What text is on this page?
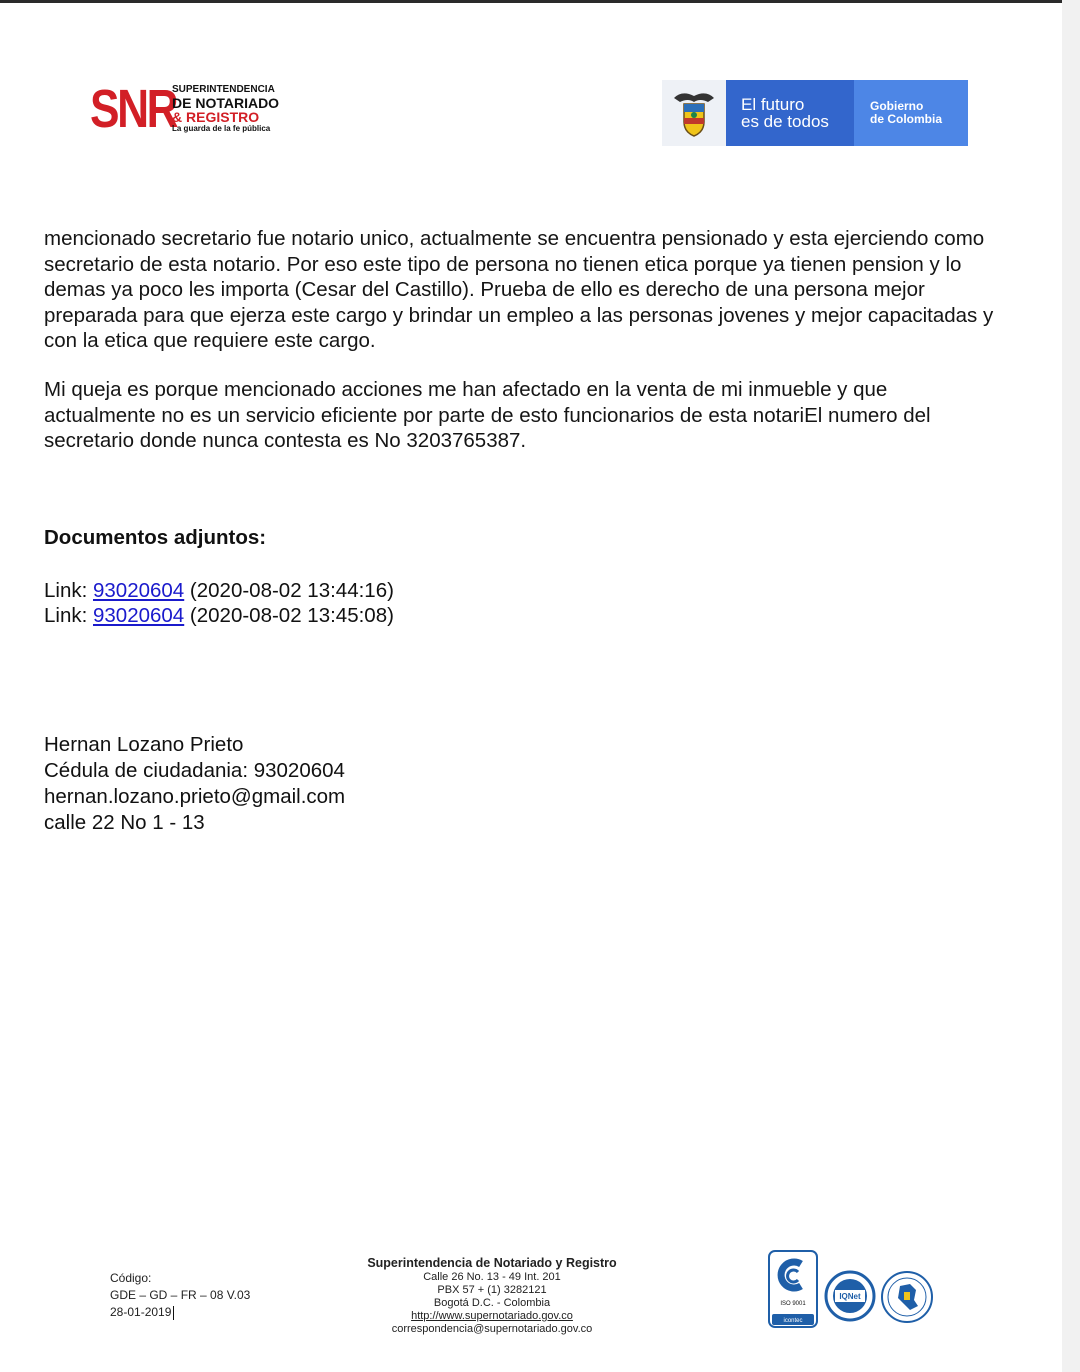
SNR
SUPERINTENDENCIA
DE NOTARIADO
& REGISTRO
La guarda de la fe pública
El futuro
es de todos
Gobierno
de Colombia
mencionado secretario fue notario unico, actualmente se encuentra pensionado y esta ejerciendo como secretario de esta notario. Por eso este tipo de persona no tienen etica porque ya tienen pension y lo demas ya poco les importa (Cesar del Castillo). Prueba de ello es derecho de una persona mejor preparada para que ejerza este cargo y brindar un empleo a las personas jovenes y mejor capacitadas y con la etica que requiere este cargo.
Mi queja es porque mencionado acciones me han afectado en la venta de mi inmueble y que actualmente no es un servicio eficiente por parte de esto funcionarios de esta notariEl numero del secretario donde nunca contesta es No 3203765387.
Documentos adjuntos:
Link: 93020604 (2020-08-02 13:44:16)
Link: 93020604 (2020-08-02 13:45:08)
Hernan Lozano Prieto
Cédula de ciudadania: 93020604
hernan.lozano.prieto@gmail.com
calle 22 No 1 - 13
Código:
GDE – GD – FR – 08 V.03
28-01-2019
Superintendencia de Notariado y Registro
Calle 26 No. 13 - 49 Int. 201
PBX 57 + (1) 3282121
Bogotá D.C. - Colombia
http://www.supernotariado.gov.co
correspondencia@supernotariado.gov.co
ISO 9001
icontec
IQNet
